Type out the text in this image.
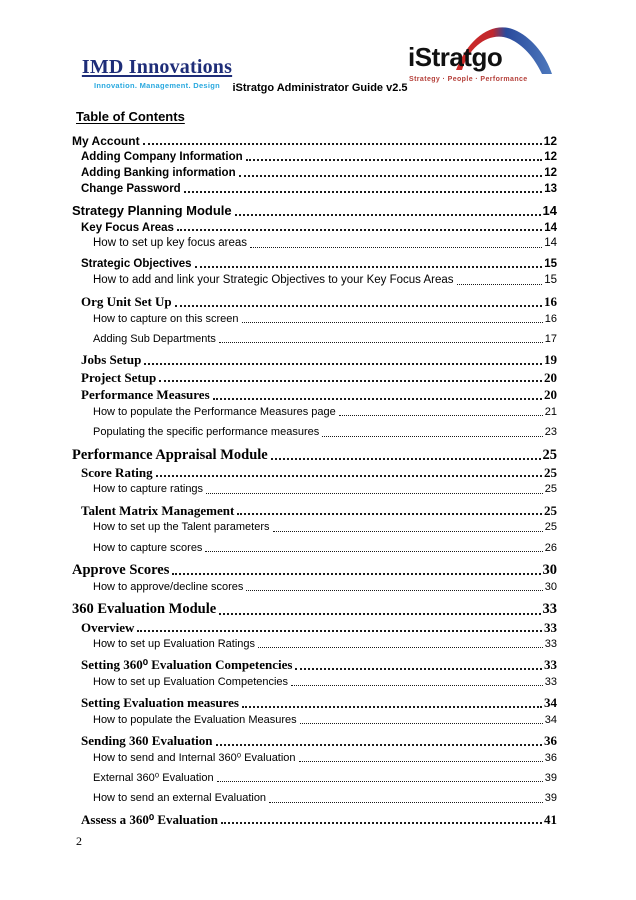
IMD Innovations
Innovation. Management. Design	iStratgo Administrator Guide v2.5
iStratgo
Strategy · People · Performance
Table of Contents
My Account	12
Adding Company Information	12
Adding Banking information	12
Change Password	13
Strategy Planning Module	14
Key Focus Areas	14
How to set up key focus areas	14
Strategic Objectives	15
How to add and link your Strategic Objectives to your Key Focus Areas	15
Org Unit Set Up	16
How to capture on this screen	16
Adding Sub Departments	17
Jobs Setup	19
Project Setup	20
Performance Measures	20
How to populate the Performance Measures page	21
Populating the specific performance measures	23
Performance Appraisal Module	25
Score Rating	25
How to capture ratings	25
Talent Matrix Management	25
How to set up the Talent parameters	25
How to capture scores	26
Approve Scores	30
How to approve/decline scores	30
360 Evaluation Module	33
Overview	33
How to set up Evaluation Ratings	33
Setting 360⁰ Evaluation Competencies	33
How to set up Evaluation Competencies	33
Setting Evaluation measures	34
How to populate the Evaluation Measures	34
Sending 360 Evaluation	36
How to send and Internal 360⁰ Evaluation	36
External 360⁰ Evaluation	39
How to send an external Evaluation	39
Assess a 360⁰ Evaluation	41
2
